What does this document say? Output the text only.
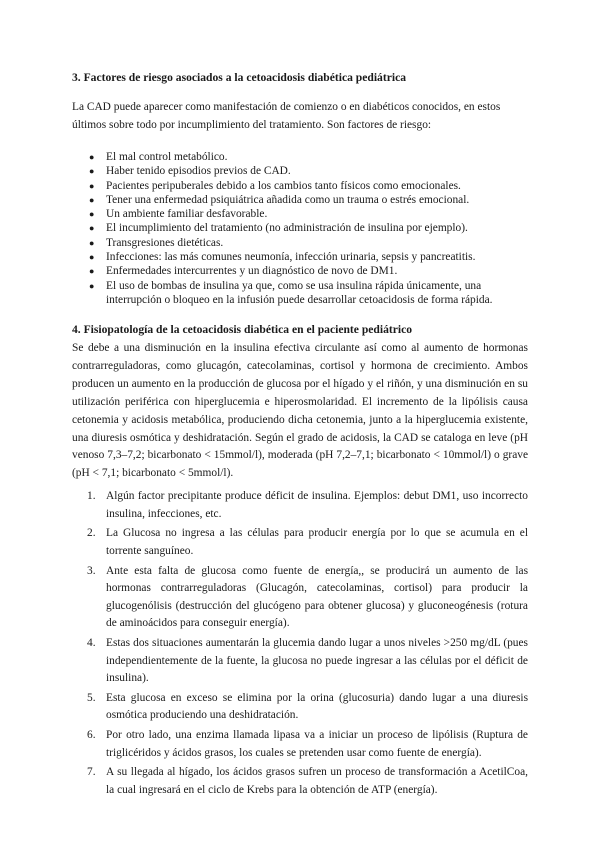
3. Factores de riesgo asociados a la cetoacidosis diabética pediátrica

La CAD puede aparecer como manifestación de comienzo o en diabéticos conocidos, en estos últimos sobre todo por incumplimiento del tratamiento. Son factores de riesgo:

● El mal control metabólico.
● Haber tenido episodios previos de CAD.
● Pacientes peripuberales debido a los cambios tanto físicos como emocionales.
● Tener una enfermedad psiquiátrica añadida como un trauma o estrés emocional.
● Un ambiente familiar desfavorable.
● El incumplimiento del tratamiento (no administración de insulina por ejemplo).
● Transgresiones dietéticas.
● Infecciones: las más comunes neumonía, infección urinaria, sepsis y pancreatitis.
● Enfermedades intercurrentes y un diagnóstico de novo de DM1.
● El uso de bombas de insulina ya que, como se usa insulina rápida únicamente, una interrupción o bloqueo en la infusión puede desarrollar cetoacidosis de forma rápida.
4. Fisiopatología de la cetoacidosis diabética en el paciente pediátrico

Se debe a una disminución en la insulina efectiva circulante así como al aumento de hormonas contrarreguladoras, como glucagón, catecolaminas, cortisol y hormona de crecimiento. Ambos producen un aumento en la producción de glucosa por el hígado y el riñón, y una disminución en su utilización periférica con hiperglucemia e hiperosmolaridad. El incremento de la lipólisis causa cetonemia y acidosis metabólica, produciendo dicha cetonemia, junto a la hiperglucemia existente, una diuresis osmótica y deshidratación. Según el grado de acidosis, la CAD se cataloga en leve (pH venoso 7,3–7,2; bicarbonato < 15mmol/l), moderada (pH 7,2–7,1; bicarbonato < 10mmol/l) o grave (pH < 7,1; bicarbonato < 5mmol/l).

1. Algún factor precipitante produce déficit de insulina. Ejemplos: debut DM1, uso incorrecto insulina, infecciones, etc.
2. La Glucosa no ingresa a las células para producir energía por lo que se acumula en el torrente sanguíneo.
3. Ante esta falta de glucosa como fuente de energía,, se producirá un aumento de las hormonas contrarreguladoras (Glucagón, catecolaminas, cortisol) para producir la glucogenólisis (destrucción del glucógeno para obtener glucosa) y gluconeogénesis (rotura de aminoácidos para conseguir energía).
4. Estas dos situaciones aumentarán la glucemia dando lugar a unos niveles >250 mg/dL (pues independientemente de la fuente, la glucosa no puede ingresar a las células por el déficit de insulina).
5. Esta glucosa en exceso se elimina por la orina (glucosuria) dando lugar a una diuresis osmótica produciendo una deshidratación.
6. Por otro lado, una enzima llamada lipasa va a iniciar un proceso de lipólisis (Ruptura de triglicéridos y ácidos grasos, los cuales se pretenden usar como fuente de energía).
7. A su llegada al hígado, los ácidos grasos sufren un proceso de transformación a AcetilCoa, la cual ingresará en el ciclo de Krebs para la obtención de ATP (energía).
